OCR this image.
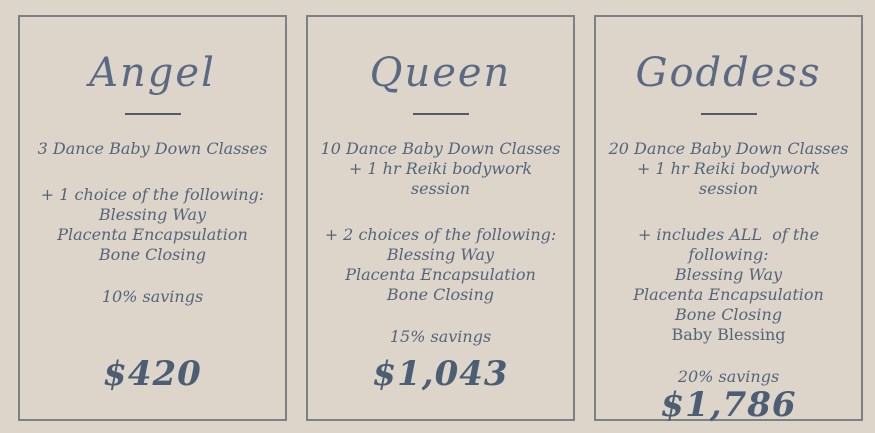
Angel
3 Dance Baby Down Classes
+ 1 choice of the following:
Blessing Way
Placenta Encapsulation
Bone Closing
10% savings
$420
Queen
10 Dance Baby Down Classes
+ 1 hr Reiki bodywork session
+ 2 choices of the following:
Blessing Way
Placenta Encapsulation
Bone Closing
15% savings
$1,043
Goddess
20 Dance Baby Down Classes
+ 1 hr Reiki bodywork session
+ includes ALL  of the following:
Blessing Way
Placenta Encapsulation
Bone Closing
Baby Blessing
20% savings
$1,786
